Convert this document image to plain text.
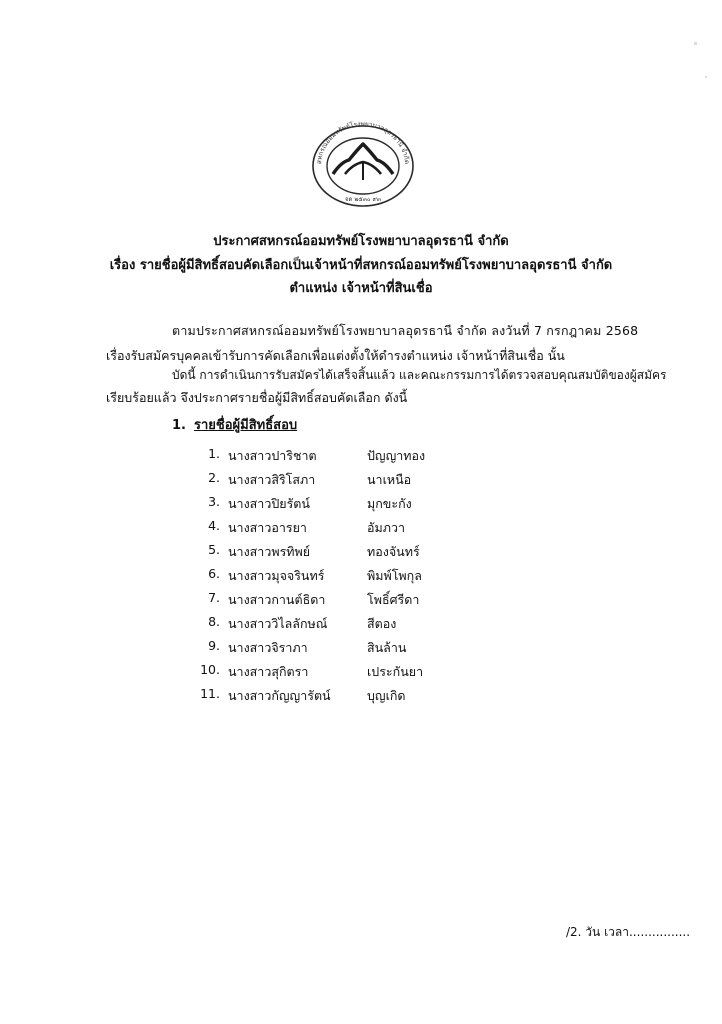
สหกรณ์ออมทรัพย์โรงพยาบาลอุดรธานี จำกัด
จด ๒๕๓๐ ๙๓
ประกาศสหกรณ์ออมทรัพย์โรงพยาบาลอุดรธานี จำกัด
เรื่อง รายชื่อผู้มีสิทธิ์สอบคัดเลือกเป็นเจ้าหน้าที่สหกรณ์ออมทรัพย์โรงพยาบาลอุดรธานี จำกัด
ตำแหน่ง เจ้าหน้าที่สินเชื่อ
ตามประกาศสหกรณ์ออมทรัพย์โรงพยาบาลอุดรธานี จำกัด ลงวันที่ 7 กรกฎาคม 2568
เรื่องรับสมัครบุคคลเข้ารับการคัดเลือกเพื่อแต่งตั้งให้ดำรงตำแหน่ง เจ้าหน้าที่สินเชื่อ นั้น
บัดนี้ การดำเนินการรับสมัครได้เสร็จสิ้นแล้ว และคณะกรรมการได้ตรวจสอบคุณสมบัติของผู้สมัคร
เรียบร้อยแล้ว จึงประกาศรายชื่อผู้มีสิทธิ์สอบคัดเลือก ดังนี้
1. รายชื่อผู้มีสิทธิ์สอบ
1. นางสาวปาริชาต	ปัญญาทอง
2. นางสาวสิริโสภา	นาเหนือ
3. นางสาวปิยรัตน์	มุกขะกัง
4. นางสาวอารยา	อัมภวา
5. นางสาวพรทิพย์	ทองจันทร์
6. นางสาวมุจจรินทร์	พิมพ์โพกุล
7. นางสาวกานต์ธิดา	โพธิ์ศรีดา
8. นางสาววิไลลักษณ์	สีตอง
9. นางสาวจิราภา	สินล้าน
10. นางสาวสุกิตรา	เประกันยา
11. นางสาวกัญญารัตน์	บุญเกิด
/2. วัน เวลา................
